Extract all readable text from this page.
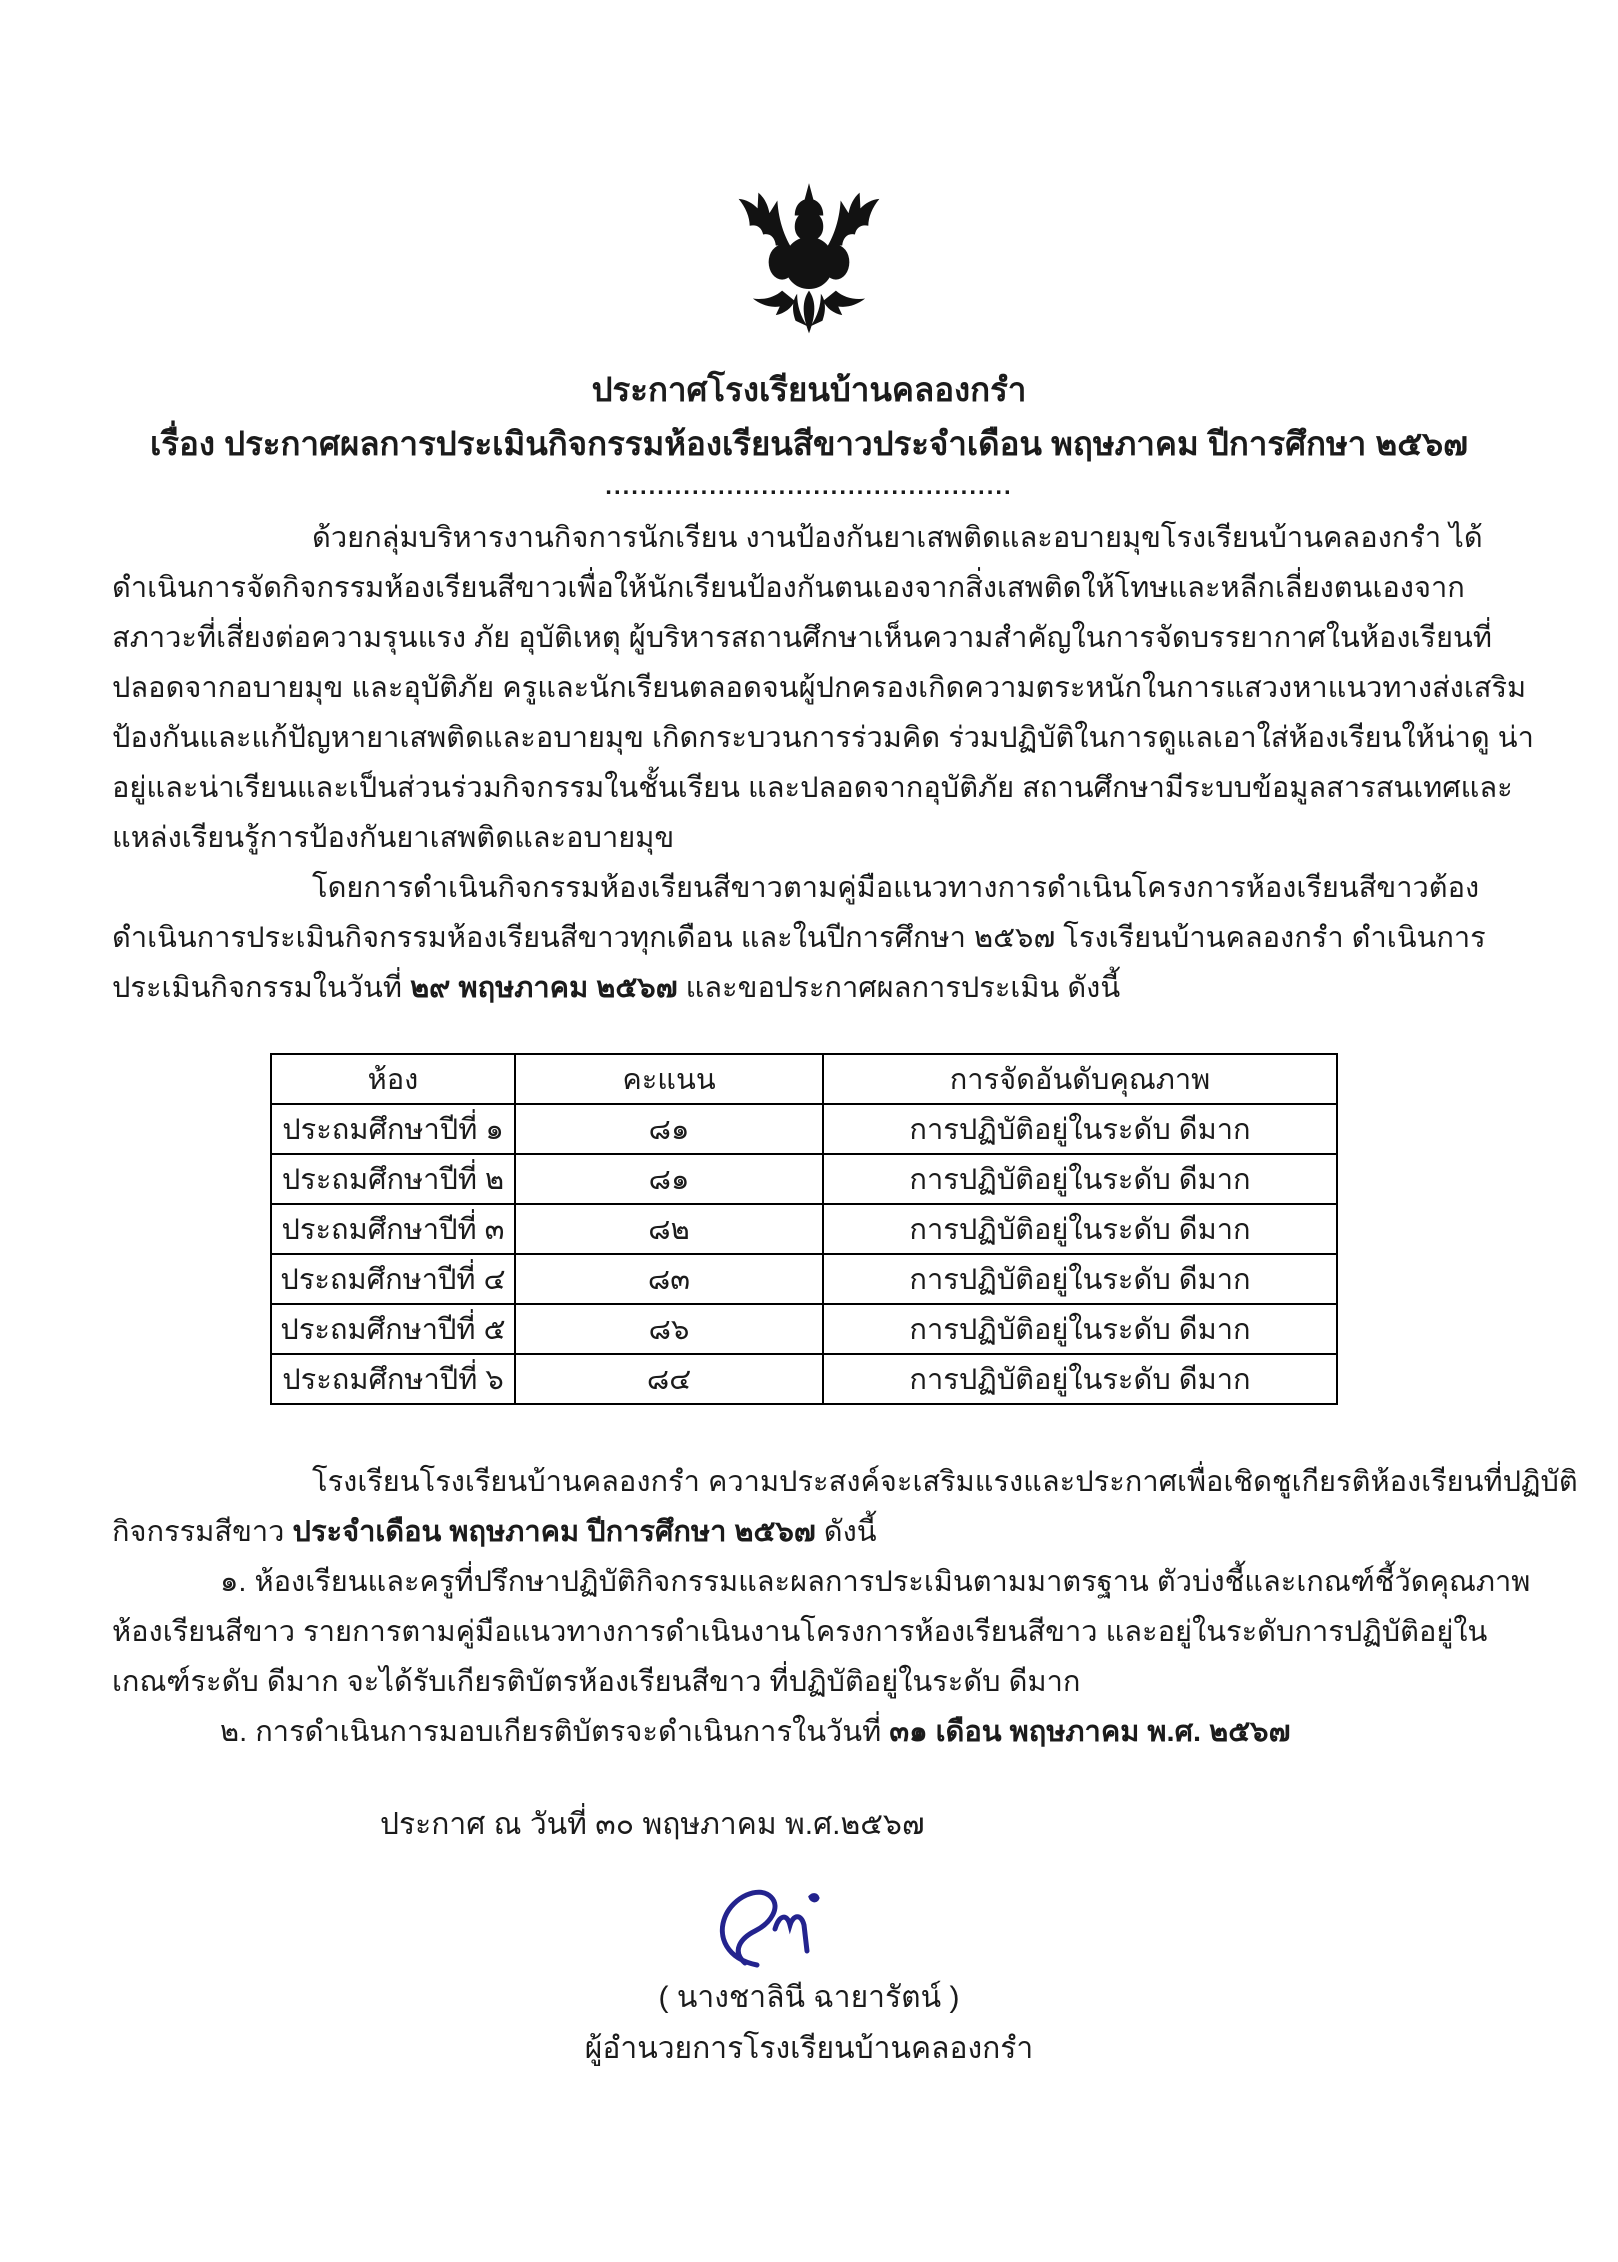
ประกาศโรงเรียนบ้านคลองกรำ
เรื่อง ประกาศผลการประเมินกิจกรรมห้องเรียนสีขาวประจำเดือน พฤษภาคม ปีการศึกษา ๒๕๖๗
...............................................
ด้วยกลุ่มบริหารงานกิจการนักเรียน งานป้องกันยาเสพติดและอบายมุขโรงเรียนบ้านคลองกรำ ได้
ดำเนินการจัดกิจกรรมห้องเรียนสีขาวเพื่อให้นักเรียนป้องกันตนเองจากสิ่งเสพติดให้โทษและหลีกเลี่ยงตนเองจาก
สภาวะที่เสี่ยงต่อความรุนแรง ภัย อุบัติเหตุ ผู้บริหารสถานศึกษาเห็นความสำคัญในการจัดบรรยากาศในห้องเรียนที่
ปลอดจากอบายมุข และอุบัติภัย ครูและนักเรียนตลอดจนผู้ปกครองเกิดความตระหนักในการแสวงหาแนวทางส่งเสริม
ป้องกันและแก้ปัญหายาเสพติดและอบายมุข เกิดกระบวนการร่วมคิด ร่วมปฏิบัติในการดูแลเอาใส่ห้องเรียนให้น่าดู น่า
อยู่และน่าเรียนและเป็นส่วนร่วมกิจกรรมในชั้นเรียน และปลอดจากอุบัติภัย สถานศึกษามีระบบข้อมูลสารสนเทศและ
แหล่งเรียนรู้การป้องกันยาเสพติดและอบายมุข
โดยการดำเนินกิจกรรมห้องเรียนสีขาวตามคู่มือแนวทางการดำเนินโครงการห้องเรียนสีขาวต้อง
ดำเนินการประเมินกิจกรรมห้องเรียนสีขาวทุกเดือน และในปีการศึกษา ๒๕๖๗ โรงเรียนบ้านคลองกรำ ดำเนินการ
ประเมินกิจกรรมในวันที่ ๒๙ พฤษภาคม ๒๕๖๗ และขอประกาศผลการประเมิน ดังนี้
ห้อง	คะแนน	การจัดอันดับคุณภาพ
ประถมศึกษาปีที่ ๑	๘๑	การปฏิบัติอยู่ในระดับ ดีมาก
ประถมศึกษาปีที่ ๒	๘๑	การปฏิบัติอยู่ในระดับ ดีมาก
ประถมศึกษาปีที่ ๓	๘๒	การปฏิบัติอยู่ในระดับ ดีมาก
ประถมศึกษาปีที่ ๔	๘๓	การปฏิบัติอยู่ในระดับ ดีมาก
ประถมศึกษาปีที่ ๕	๘๖	การปฏิบัติอยู่ในระดับ ดีมาก
ประถมศึกษาปีที่ ๖	๘๔	การปฏิบัติอยู่ในระดับ ดีมาก
โรงเรียนโรงเรียนบ้านคลองกรำ ความประสงค์จะเสริมแรงและประกาศเพื่อเชิดชูเกียรติห้องเรียนที่ปฏิบัติ
กิจกรรมสีขาว ประจำเดือน พฤษภาคม ปีการศึกษา ๒๕๖๗ ดังนี้
๑. ห้องเรียนและครูที่ปรึกษาปฏิบัติกิจกรรมและผลการประเมินตามมาตรฐาน ตัวบ่งชี้และเกณฑ์ชี้วัดคุณภาพ
ห้องเรียนสีขาว รายการตามคู่มือแนวทางการดำเนินงานโครงการห้องเรียนสีขาว และอยู่ในระดับการปฏิบัติอยู่ใน
เกณฑ์ระดับ ดีมาก จะได้รับเกียรติบัตรห้องเรียนสีขาว ที่ปฏิบัติอยู่ในระดับ ดีมาก
๒. การดำเนินการมอบเกียรติบัตรจะดำเนินการในวันที่ ๓๑ เดือน พฤษภาคม พ.ศ. ๒๕๖๗
ประกาศ ณ วันที่ ๓๐ พฤษภาคม พ.ศ.๒๕๖๗
( นางชาลินี ฉายารัตน์ )
ผู้อำนวยการโรงเรียนบ้านคลองกรำ
